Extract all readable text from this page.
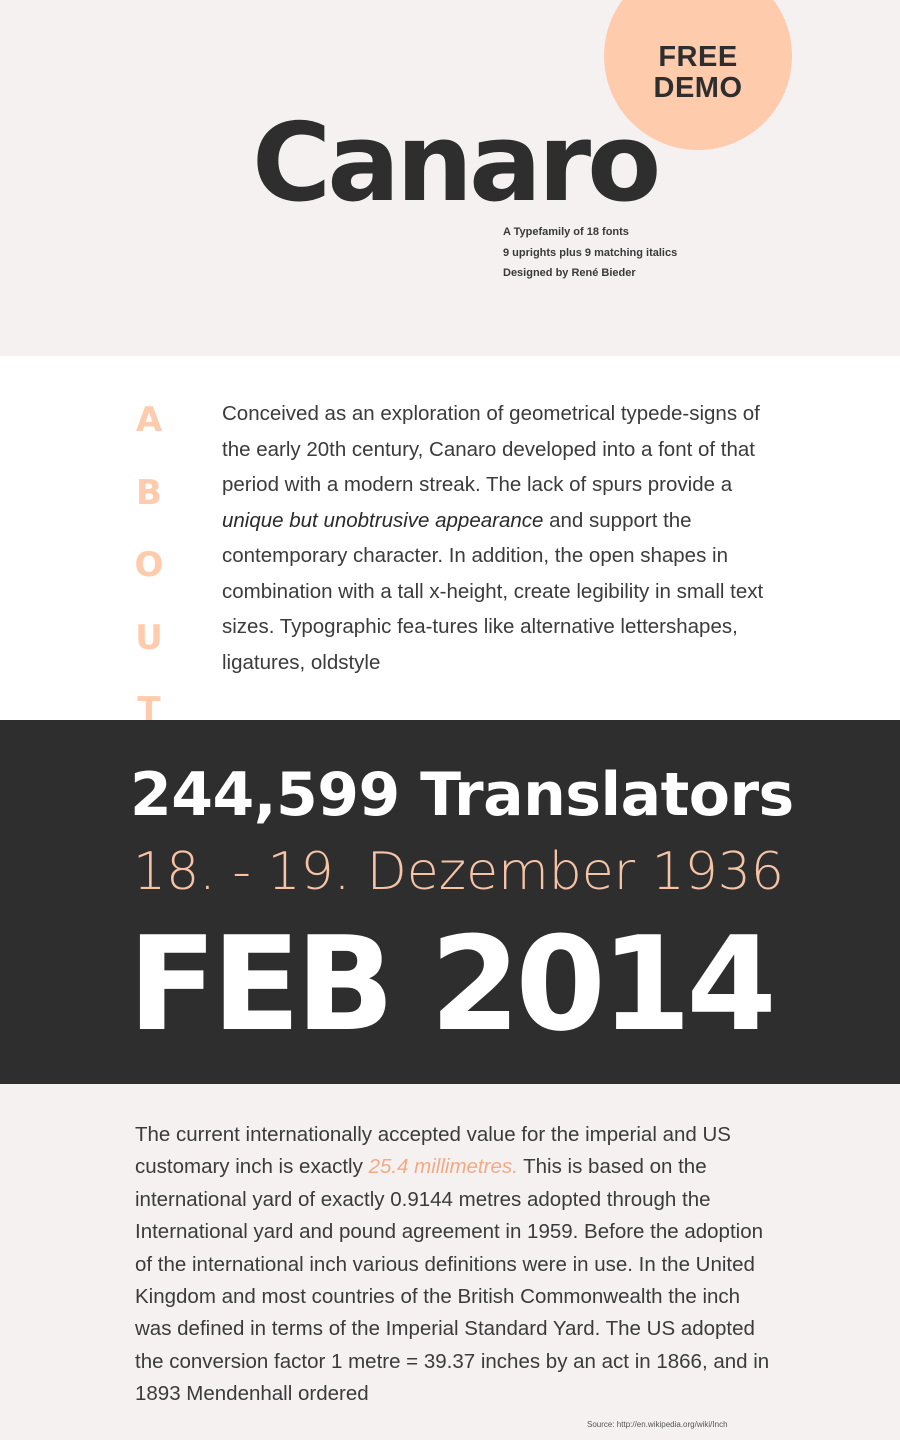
FREE
DEMO
Canaro
A Typefamily of 18 fonts
9 uprights plus 9 matching italics
Designed by René Bieder
A
B
O
U
T

Conceived as an exploration of geometrical typede-signs of the early 20th century, Canaro developed into a font of that period with a modern streak. The lack of spurs provide a unique but unobtrusive appearance and support the contemporary character. In addition, the open shapes in combination with a tall x-height, create legibility in small text sizes. Typographic fea-tures like alternative lettershapes, ligatures, oldstyle

244,599 Translators
18. - 19. Dezember 1936
FEB 2014

The current internationally accepted value for the imperial and US customary inch is exactly 25.4 millimetres. This is based on the international yard of exactly 0.9144 metres adopted through the International yard and pound agreement in 1959. Before the adoption of the international inch various definitions were in use. In the United Kingdom and most countries of the British Commonwealth the inch was defined in terms of the Imperial Standard Yard. The US adopted the conversion factor 1 metre = 39.37 inches by an act in 1866, and in 1893 Mendenhall ordered

Source: http://en.wikipedia.org/wiki/Inch
